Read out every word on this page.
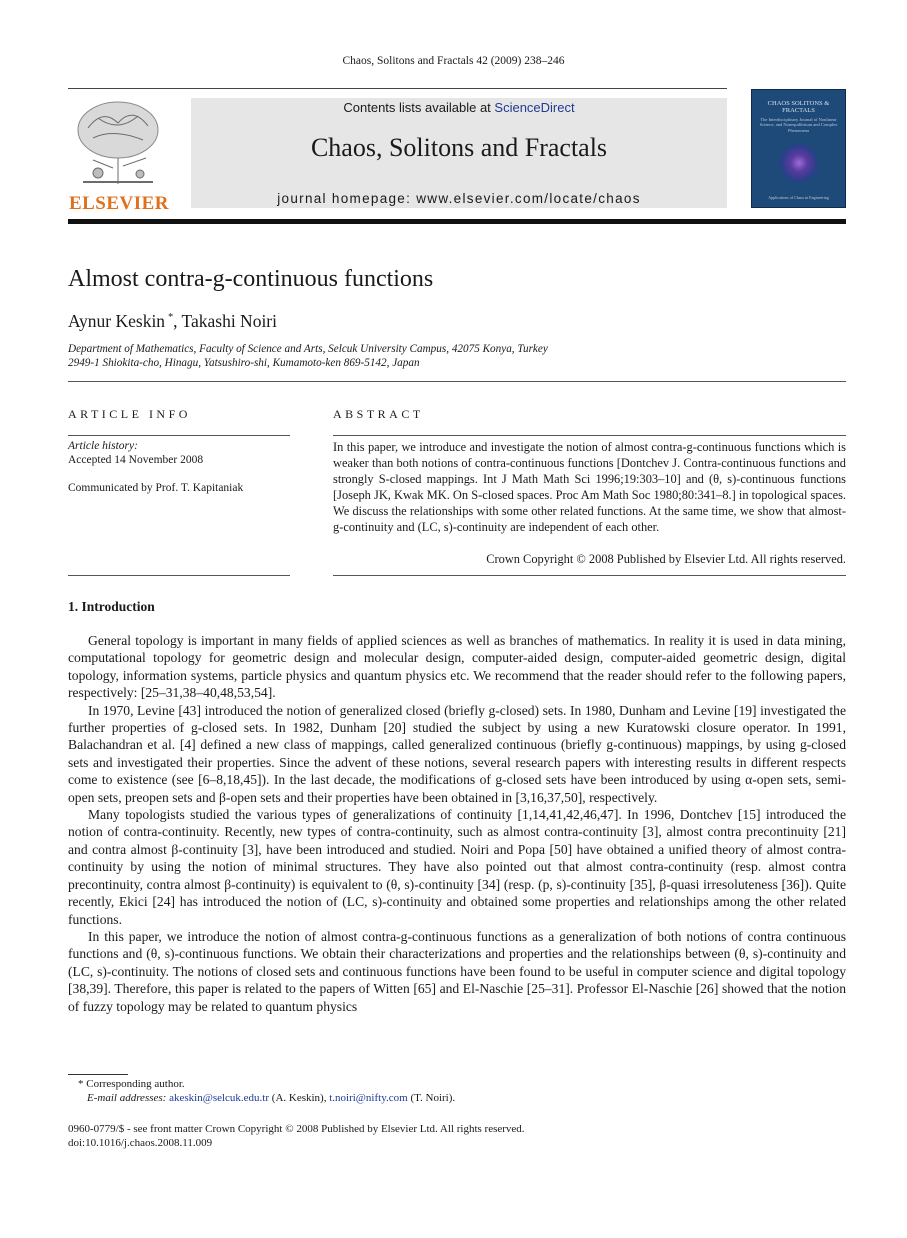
Chaos, Solitons and Fractals 42 (2009) 238–246
ELSEVIER
Contents lists available at ScienceDirect
Chaos, Solitons and Fractals
journal homepage: www.elsevier.com/locate/chaos
CHAOS SOLITONS & FRACTALS
The Interdisciplinary Journal of Nonlinear Science, and Nonequilibrium and Complex Phenomena
Applications of Chaos in Engineering
Almost contra-g-continuous functions
Aynur Keskin *, Takashi Noiri
Department of Mathematics, Faculty of Science and Arts, Selcuk University Campus, 42075 Konya, Turkey
2949-1 Shiokita-cho, Hinagu, Yatsushiro-shi, Kumamoto-ken 869-5142, Japan
ARTICLE INFO
Article history:
Accepted 14 November 2008
Communicated by Prof. T. Kapitaniak
ABSTRACT
In this paper, we introduce and investigate the notion of almost contra-g-continuous functions which is weaker than both notions of contra-continuous functions [Dontchev J. Contra-continuous functions and strongly S-closed mappings. Int J Math Math Sci 1996;19:303–10] and (θ, s)-continuous functions [Joseph JK, Kwak MK. On S-closed spaces. Proc Am Math Soc 1980;80:341–8.] in topological spaces. We discuss the relationships with some other related functions. At the same time, we show that almost-g-continuity and (LC, s)-continuity are independent of each other.
Crown Copyright © 2008 Published by Elsevier Ltd. All rights reserved.
1. Introduction

General topology is important in many fields of applied sciences as well as branches of mathematics. In reality it is used in data mining, computational topology for geometric design and molecular design, computer-aided design, computer-aided geometric design, digital topology, information systems, particle physics and quantum physics etc. We recommend that the reader should refer to the following papers, respectively: [25–31,38–40,48,53,54].

In 1970, Levine [43] introduced the notion of generalized closed (briefly g-closed) sets. In 1980, Dunham and Levine [19] investigated the further properties of g-closed sets. In 1982, Dunham [20] studied the subject by using a new Kuratowski closure operator. In 1991, Balachandran et al. [4] defined a new class of mappings, called generalized continuous (briefly g-continuous) mappings, by using g-closed sets and investigated their properties. Since the advent of these notions, several research papers with interesting results in different respects come to existence (see [6–8,18,45]). In the last decade, the modifications of g-closed sets have been introduced by using α-open sets, semi-open sets, preopen sets and β-open sets and their properties have been obtained in [3,16,37,50], respectively.

Many topologists studied the various types of generalizations of continuity [1,14,41,42,46,47]. In 1996, Dontchev [15] introduced the notion of contra-continuity. Recently, new types of contra-continuity, such as almost contra-continuity [3], almost contra precontinuity [21] and contra almost β-continuity [3], have been introduced and studied. Noiri and Popa [50] have obtained a unified theory of almost contra-continuity by using the notion of minimal structures. They have also pointed out that almost contra-continuity (resp. almost contra precontinuity, contra almost β-continuity) is equivalent to (θ, s)-continuity [34] (resp. (p, s)-continuity [35], β-quasi irresoluteness [36]). Quite recently, Ekici [24] has introduced the notion of (LC, s)-continuity and obtained some properties and relationships among the other related functions.

In this paper, we introduce the notion of almost contra-g-continuous functions as a generalization of both notions of contra continuous functions and (θ, s)-continuous functions. We obtain their characterizations and properties and the relationships between (θ, s)-continuity and (LC, s)-continuity. The notions of closed sets and continuous functions have been found to be useful in computer science and digital topology [38,39]. Therefore, this paper is related to the papers of Witten [65] and El-Naschie [25–31]. Professor El-Naschie [26] showed that the notion of fuzzy topology may be related to quantum physics

* Corresponding author.
E-mail addresses: akeskin@selcuk.edu.tr (A. Keskin), t.noiri@nifty.com (T. Noiri).
0960-0779/$ - see front matter Crown Copyright © 2008 Published by Elsevier Ltd. All rights reserved.
doi:10.1016/j.chaos.2008.11.009
